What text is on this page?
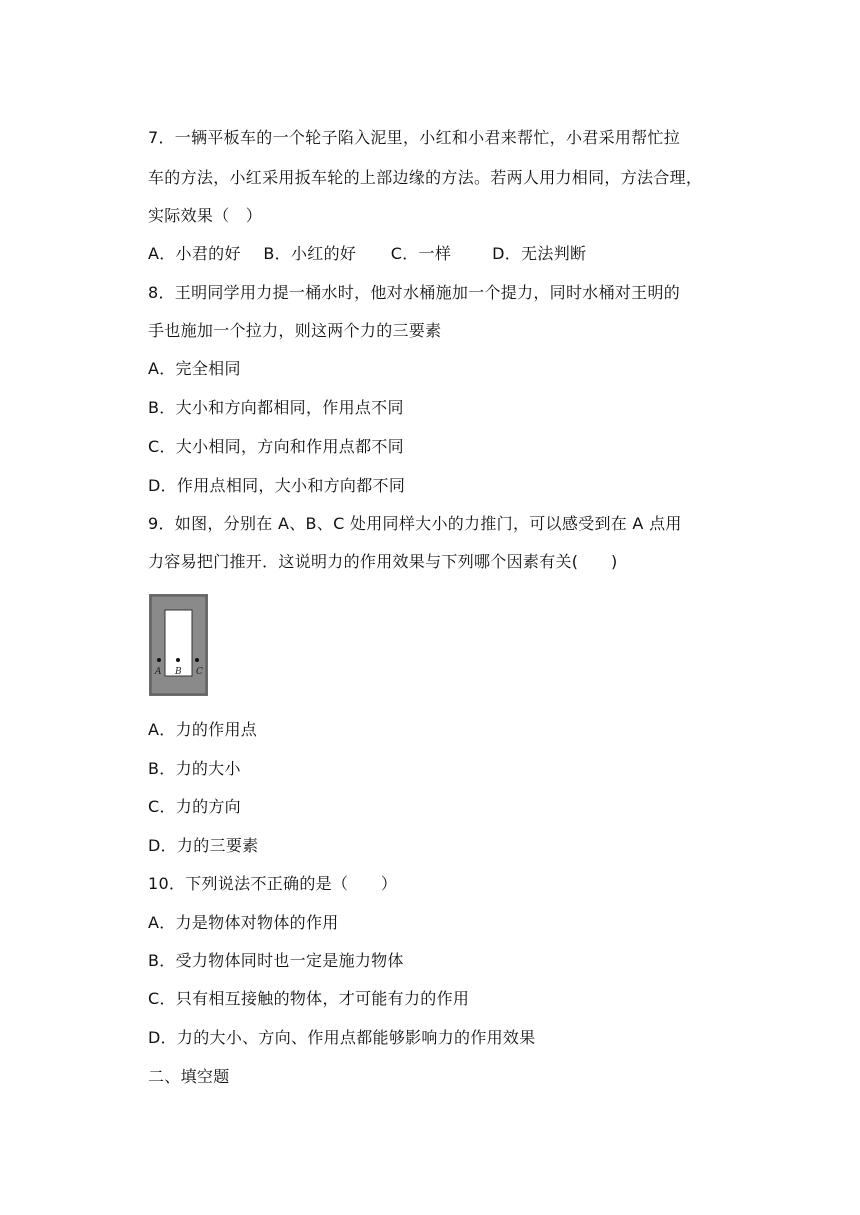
7．一辆平板车的一个轮子陷入泥里，小红和小君来帮忙，小君采用帮忙拉
车的方法，小红采用扳车轮的上部边缘的方法。若两人用力相同，方法合理，
实际效果（　）
A．小君的好 B．小红的好 C．一样	D．无法判断
8．王明同学用力提一桶水时，他对水桶施加一个提力，同时水桶对王明的
手也施加一个拉力，则这两个力的三要素
A．完全相同
B．大小和方向都相同，作用点不同
C．大小相同，方向和作用点都不同
D．作用点相同，大小和方向都不同
9．如图，分别在 A、B、C 处用同样大小的力推门，可以感受到在 A 点用
力容易把门推开．这说明力的作用效果与下列哪个因素有关(　　)
A B C
A．力的作用点
B．力的大小
C．力的方向
D．力的三要素
10．下列说法不正确的是（　　）
A．力是物体对物体的作用
B．受力物体同时也一定是施力物体
C．只有相互接触的物体，才可能有力的作用
D．力的大小、方向、作用点都能够影响力的作用效果
二、填空题
